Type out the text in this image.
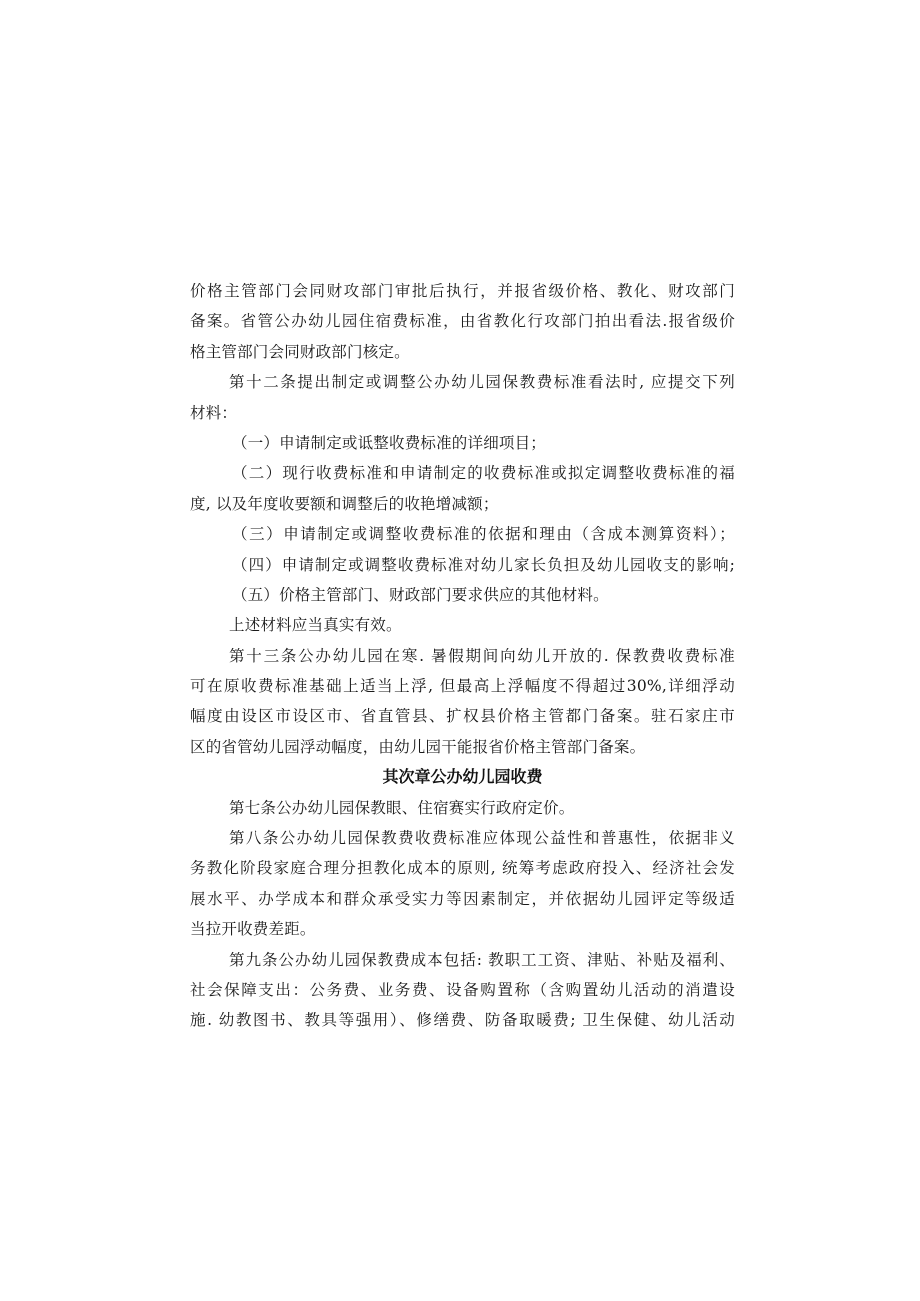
价格主管部门会同财攻部门审批后执行，并报省级价格、教化、财攻部门
备案。省管公办幼儿园住宿费标准，由省教化行攻部门拍出看法.报省级价
格主管部门会同财政部门核定。
第十二条提出制定或调整公办幼儿园保教费标准看法时, 应提交下列
材料：
（一）申请制定或诋整收费标准的详细项目；
（二）现行收费标准和申请制定的收费标准或拟定调整收费标准的福
度, 以及年度收要额和调整后的收艳增减额；
（三）申请制定或调整收费标准的依据和理由（含成本测算资料）；
（四）申请制定或调整收费标准对幼儿家长负担及幼儿园收支的影响;
（五）价格主管部门、财政部门要求供应的其他材料。
上述材料应当真实有效。
第十三条公办幼儿园在寒. 暑假期间向幼儿开放的. 保教费收费标准
可在原收费标准基础上适当上浮, 但最高上浮幅度不得超过30%,详细浮动
幅度由设区市设区市、省直管县、扩权县价格主管都门备案。驻石家庄市
区的省管幼儿园浮动幅度，由幼儿园干能报省价格主管部门备案。
其次章公办幼儿园收费
第七条公办幼儿园保教眼、住宿赛实行政府定价。
第八条公办幼儿园保教费收费标准应体现公益性和普惠性，依据非义
务教化阶段家庭合理分担教化成本的原则, 统筹考虑政府投入、经济社会发
展水平、办学成本和群众承受实力等因素制定，并依据幼儿园评定等级适
当拉开收费差距。
第九条公办幼儿园保教费成本包括: 教职工工资、津贴、补贴及福利、
社会保障支出：公务费、业务费、设备购置称（含购置幼儿活动的消遣设
施. 幼教图书、教具等强用）、修缮费、防备取暖费; 卫生保健、幼儿活动
